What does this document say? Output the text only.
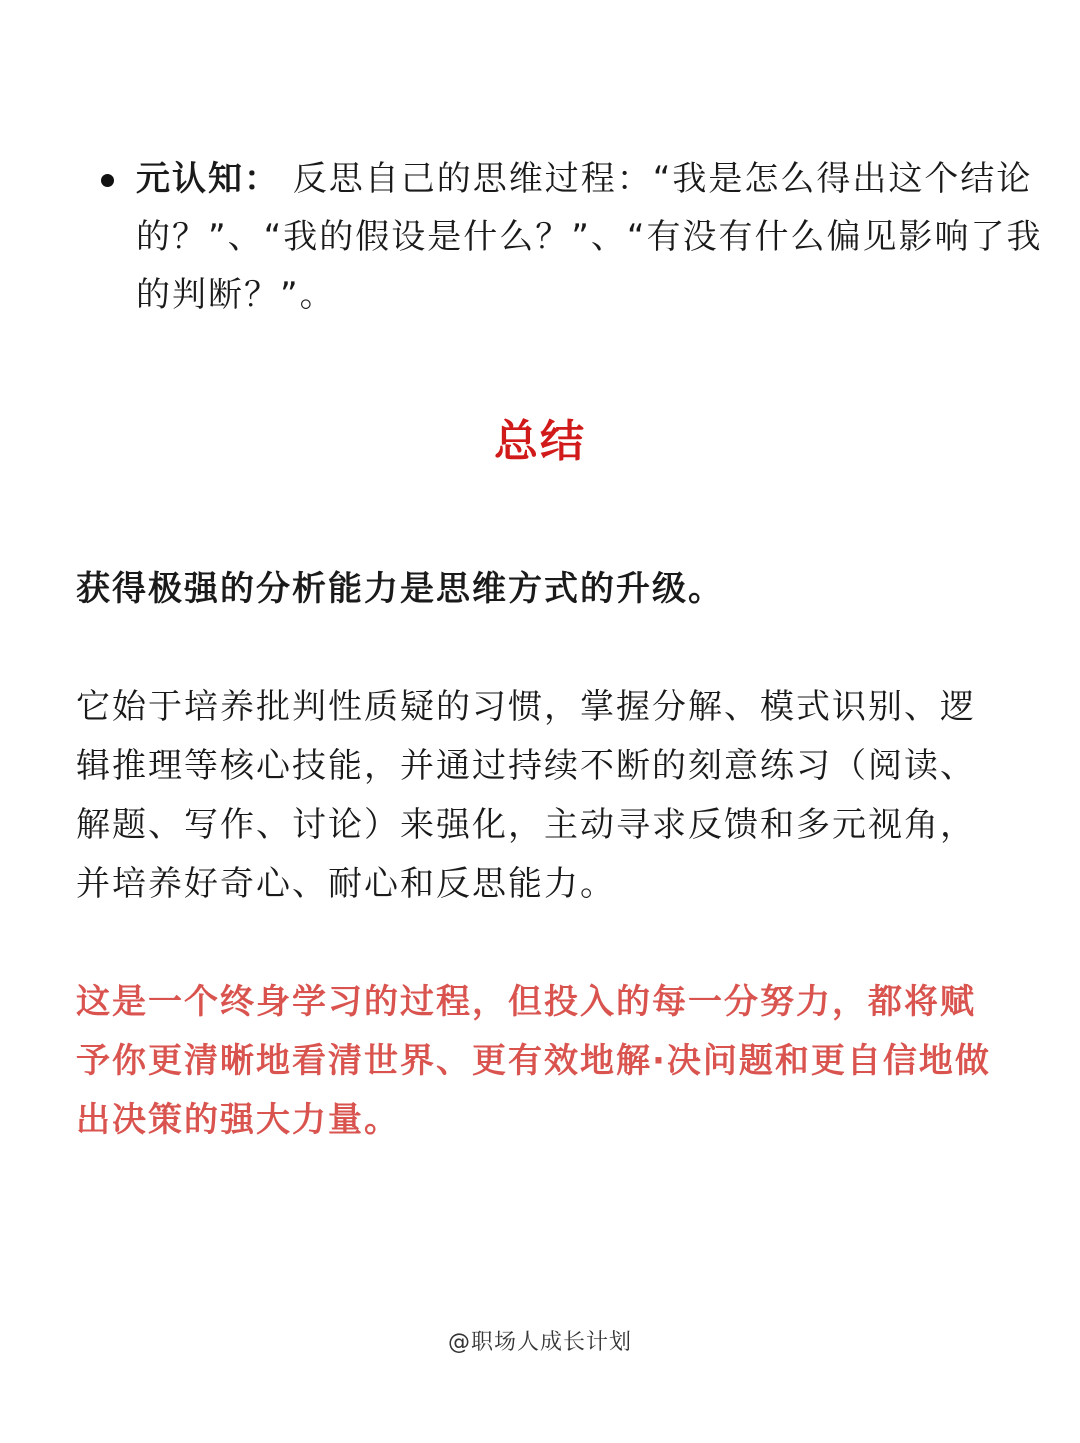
元认知： 反思自己的思维过程：“我是怎么得出这个结论的？”、“我的假设是什么？”、“有没有什么偏见影响了我的判断？”。
总结
获得极强的分析能力是思维方式的升级。
它始于培养批判性质疑的习惯，掌握分解、模式识别、逻辑推理等核心技能，并通过持续不断的刻意练习（阅读、解题、写作、讨论）来强化，主动寻求反馈和多元视角，并培养好奇心、耐心和反思能力。
这是一个终身学习的过程，但投入的每一分努力，都将赋予你更清晰地看清世界、更有效地解·决问题和更自信地做出决策的强大力量。
@职场人成长计划
